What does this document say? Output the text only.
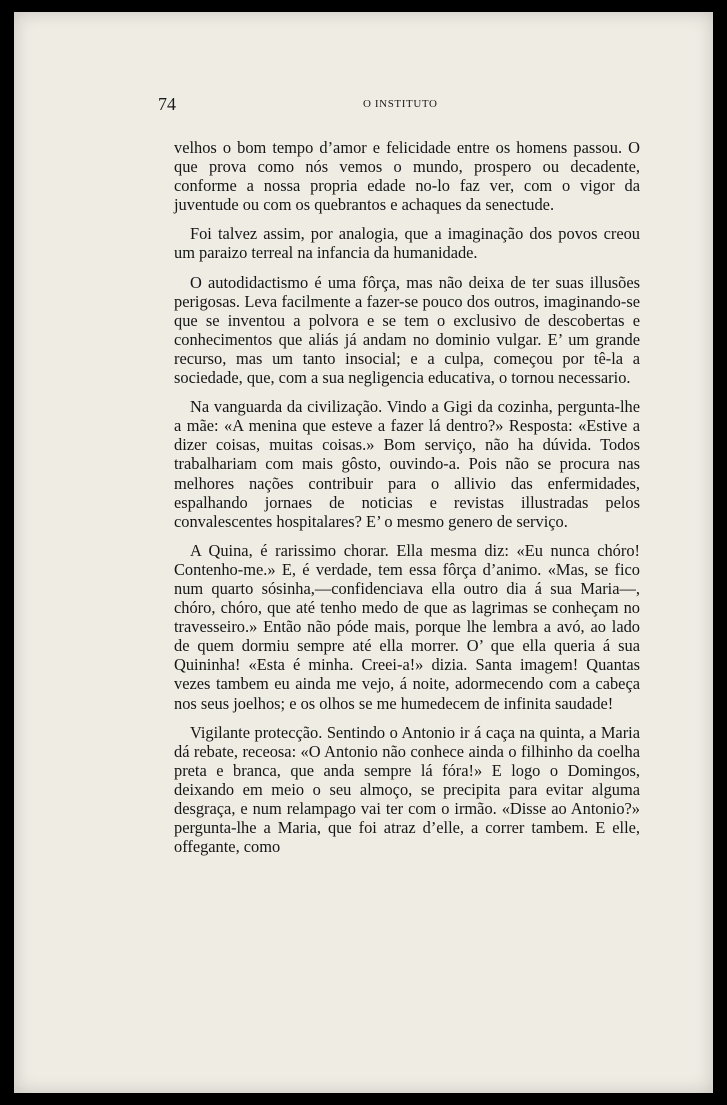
74	O INSTITUTO

velhos o bom tempo d’amor e felicidade entre os homens passou. O que prova como nós vemos o mundo, prospero ou decadente, conforme a nossa propria edade no-lo faz ver, com o vigor da juventude ou com os quebrantos e achaques da senectude.

Foi talvez assim, por analogia, que a imaginação dos povos creou um paraizo terreal na infancia da humanidade.

O autodidactismo é uma fôrça, mas não deixa de ter suas illusões perigosas. Leva facilmente a fazer-se pouco dos outros, imaginando-se que se inventou a polvora e se tem o exclusivo de descobertas e conhecimentos que aliás já andam no dominio vulgar. E’ um grande recurso, mas um tanto insocial; e a culpa, começou por tê-la a sociedade, que, com a sua negligencia educativa, o tornou necessario.

Na vanguarda da civilização. Vindo a Gigi da cozinha, pergunta-lhe a mãe: «A menina que esteve a fazer lá dentro?» Resposta: «Estive a dizer coisas, muitas coisas.» Bom serviço, não ha dúvida. Todos trabalhariam com mais gôsto, ouvindo-a. Pois não se procura nas melhores nações contribuir para o allivio das enfermidades, espalhando jornaes de noticias e revistas illustradas pelos convalescentes hospitalares? E’ o mesmo genero de serviço.

A Quina, é rarissimo chorar. Ella mesma diz: «Eu nunca chóro! Contenho-me.» E, é verdade, tem essa fôrça d’animo. «Mas, se fico num quarto sósinha,—confidenciava ella outro dia á sua Maria—, chóro, chóro, que até tenho medo de que as lagrimas se conheçam no travesseiro.» Então não póde mais, porque lhe lembra a avó, ao lado de quem dormiu sempre até ella morrer. O’ que ella queria á sua Quininha! «Esta é minha. Creei-a!» dizia. Santa imagem! Quantas vezes tambem eu ainda me vejo, á noite, adormecendo com a cabeça nos seus joelhos; e os olhos se me humedecem de infinita saudade!

Vigilante protecção. Sentindo o Antonio ir á caça na quinta, a Maria dá rebate, receosa: «O Antonio não conhece ainda o filhinho da coelha preta e branca, que anda sempre lá fóra!» E logo o Domingos, deixando em meio o seu almoço, se precipita para evitar alguma desgraça, e num relampago vai ter com o irmão. «Disse ao Antonio?» pergunta-lhe a Maria, que foi atraz d’elle, a correr tambem. E elle, offegante, como
